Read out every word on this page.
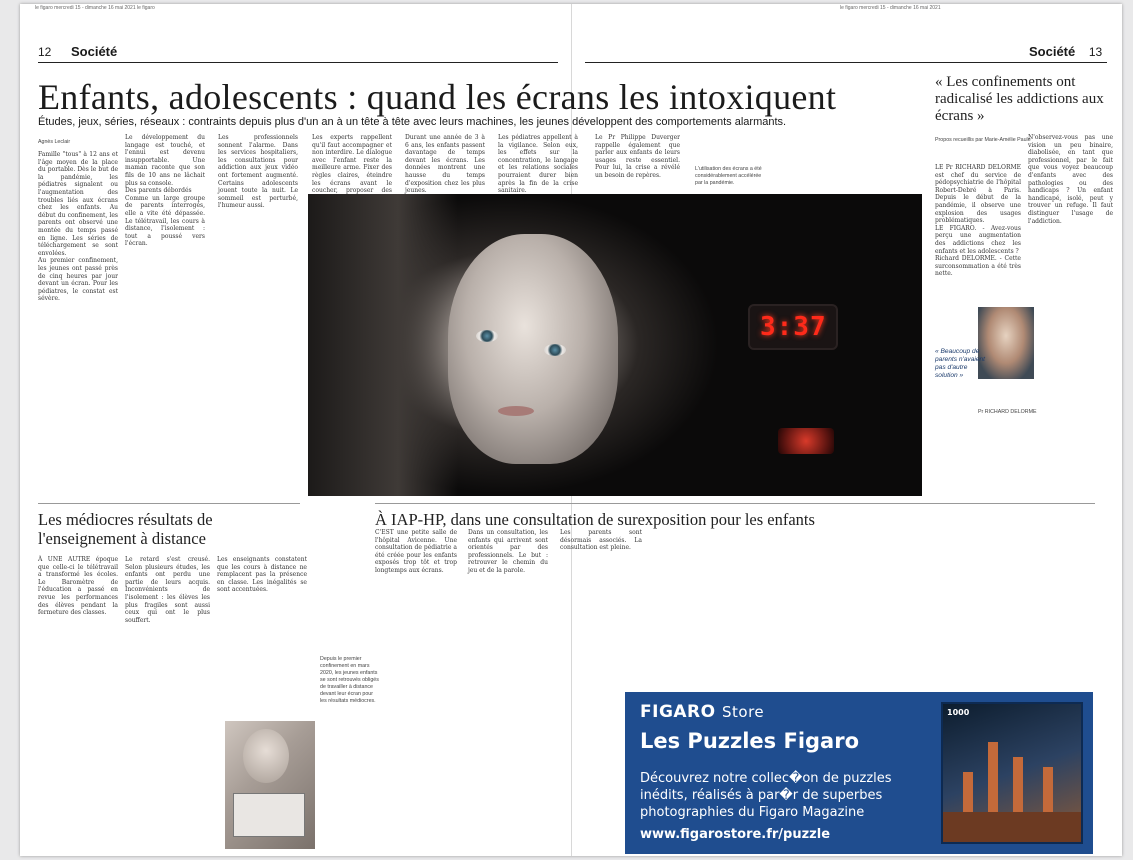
le figaro mercredi 15 - dimanche 16 mai 2021 le figaro	le figaro mercredi 15 - dimanche 16 mai 2021
12 Société	Société 13
Enfants, adolescents : quand les écrans les intoxiquent
Études, jeux, séries, réseaux : contraints depuis plus d'un an à un tête à tête avec leurs machines, les jeunes développent des comportements alarmants.
Agnès Leclair
Famille "tous" à 12 ans et l'âge moyen de la place du portable. Dès le but de la pandémie, les pédiatres signalent ou l'augmentation des troubles liés aux écrans chez les enfants. Au début du confinement, les parents ont observé une montée du temps passé en ligne. Les séries de téléchargement se sont envolées.
Au premier confinement, les jeunes ont passé près de cinq heures par jour devant un écran. Pour les pédiatres, le constat est sévère.
Le développement du langage est touché, et l'ennui est devenu insupportable. Une maman raconte que son fils de 10 ans ne lâchait plus sa console.
Des parents débordés
Comme un large groupe de parents interrogés, elle a vite été dépassée. Le télétravail, les cours à distance, l'isolement : tout a poussé vers l'écran.
Les professionnels sonnent l'alarme. Dans les services hospitaliers, les consultations pour addiction aux jeux vidéo ont fortement augmenté. Certains adolescents jouent toute la nuit. Le sommeil est perturbé, l'humeur aussi.
Les experts rappellent qu'il faut accompagner et non interdire. Le dialogue avec l'enfant reste la meilleure arme. Fixer des règles claires, éteindre les écrans avant le coucher, proposer des
Durant une année de 3 à 6 ans, les enfants passent davantage de temps devant les écrans. Les données montrent une hausse du temps d'exposition chez les plus jeunes.
Les pédiatres appellent à la vigilance. Selon eux, les effets sur la concentration, le langage et les relations sociales pourraient durer bien après la fin de la crise sanitaire.
Le Pr Philippe Duverger rappelle également que parler aux enfants de leurs usages reste essentiel. Pour lui, la crise a révélé un besoin de repères.
L'utilisation des écrans a été considérablement accélérée par la pandémie.
3:37
« Les confinements ont radicalisé les addictions aux écrans »
Propos recueillis par Marie-Amélie Paule
LE Pr RICHARD DELORME est chef du service de pédopsychiatrie de l'hôpital Robert-Debré à Paris. Depuis le début de la pandémie, il observe une explosion des usages problématiques.
LE FIGARO. - Avez-vous perçu une augmentation des addictions chez les enfants et les adolescents ?
Richard DELORME. - Cette surconsommation a été très nette.
N'observez-vous pas une vision un peu binaire, diabolisée, en tant que professionnel, par le fait que vous voyez beaucoup d'enfants avec des pathologies ou des handicaps ? Un enfant handicapé, isolé, peut y trouver un refuge. Il faut distinguer l'usage de l'addiction.
« Beaucoup de parents n'avaient pas d'autre solution »
Pr RICHARD DELORME
Les médiocres résultats de l'enseignement à distance
À UNE AUTRE époque que celle-ci le télétravail a transformé les écoles. Le Baromètre de l'éducation a passé en revue les performances des élèves pendant la fermeture des classes.
Le retard s'est creusé. Selon plusieurs études, les enfants ont perdu une partie de leurs acquis. Inconvénients de l'isolement : les élèves les plus fragiles sont aussi ceux qui ont le plus souffert.
Les enseignants constatent que les cours à distance ne remplacent pas la présence en classe. Les inégalités se sont accentuées.
Depuis le premier confinement en mars 2020, les jeunes enfants se sont retrouvés obligés de travailler à distance devant leur écran pour les résultats médiocres.
À IAP-HP, dans une consultation de surexposition pour les enfants
C'EST une petite salle de l'hôpital Avicenne. Une consultation de pédiatrie a été créée pour les enfants exposés trop tôt et trop longtemps aux écrans.
Dans un consultation, les enfants qui arrivent sont orientés par des professionnels. Le but : retrouver le chemin du jeu et de la parole.
Les parents sont désormais associés. La consultation est pleine.
FIGARO Store
Les Puzzles Figaro
Découvrez notre collec�on de puzzles inédits, réalisés à par�r de superbes photographies du Figaro Magazine
www.figarostore.fr/puzzle
1000
